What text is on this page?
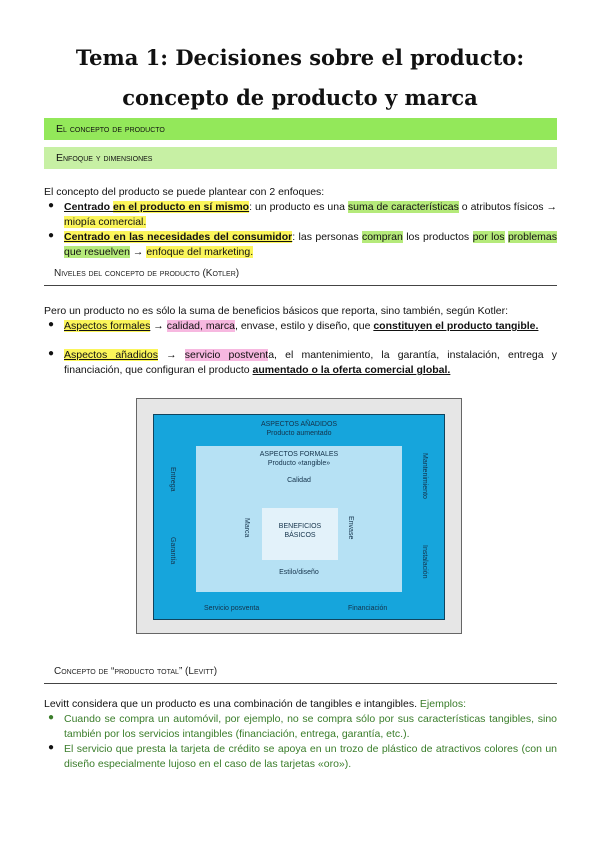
Tema 1: Decisiones sobre el producto:
concepto de producto y marca
El concepto de producto
Enfoque y dimensiones
El concepto del producto se puede plantear con 2 enfoques:
● Centrado en el producto en sí mismo: un producto es una suma de características o atributos físicos → miopía comercial.
● Centrado en las necesidades del consumidor: las personas compran los productos por los problemas que resuelven → enfoque del marketing.
Niveles del concepto de producto (Kotler)
Pero un producto no es sólo la suma de beneficios básicos que reporta, sino también, según Kotler:
● Aspectos formales → calidad, marca, envase, estilo y diseño, que constituyen el producto tangible.
● Aspectos añadidos → servicio postventa, el mantenimiento, la garantía, instalación, entrega y financiación, que configuran el producto aumentado o la oferta comercial global.
ASPECTOS AÑADIDOS
Producto aumentado
ASPECTOS FORMALES
Producto «tangible»
Calidad
Marca	Envase
Estilo/diseño
BENEFICIOS BÁSICOS
Entrega
Garantía
Mantenimiento
Instalación
Servicio posventa	Financiación
Concepto de “producto total” (Levitt)
Levitt considera que un producto es una combinación de tangibles e intangibles. Ejemplos:
● Cuando se compra un automóvil, por ejemplo, no se compra sólo por sus características tangibles, sino también por los servicios intangibles (financiación, entrega, garantía, etc.).
● El servicio que presta la tarjeta de crédito se apoya en un trozo de plástico de atractivos colores (con un diseño especialmente lujoso en el caso de las tarjetas «oro»).
